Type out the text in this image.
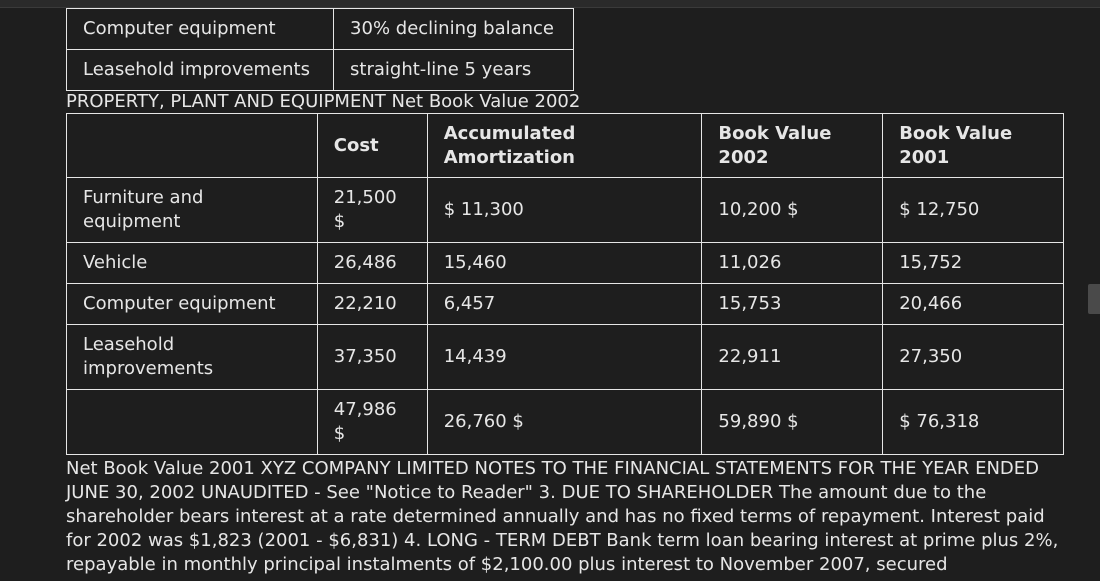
Computer equipment	30% declining balance
Leasehold improvements	straight-line 5 years

PROPERTY, PLANT AND EQUIPMENT Net Book Value 2002

	Cost	Accumulated Amortization	Book Value 2002	Book Value 2001
Furniture and equipment	21,500 $	$ 11,300	10,200 $	$ 12,750
Vehicle	26,486	15,460	11,026	15,752
Computer equipment	22,210	6,457	15,753	20,466
Leasehold improvements	37,350	14,439	22,911	27,350
	47,986 $	26,760 $	59,890 $	$ 76,318

Net Book Value 2001 XYZ COMPANY LIMITED NOTES TO THE FINANCIAL STATEMENTS FOR THE YEAR ENDED JUNE 30, 2002 UNAUDITED - See "Notice to Reader" 3. DUE TO SHAREHOLDER The amount due to the shareholder bears interest at a rate determined annually and has no fixed terms of repayment. Interest paid for 2002 was $1,823 (2001 - $6,831) 4. LONG - TERM DEBT Bank term loan bearing interest at prime plus 2%, repayable in monthly principal instalments of $2,100.00 plus interest to November 2007, secured
